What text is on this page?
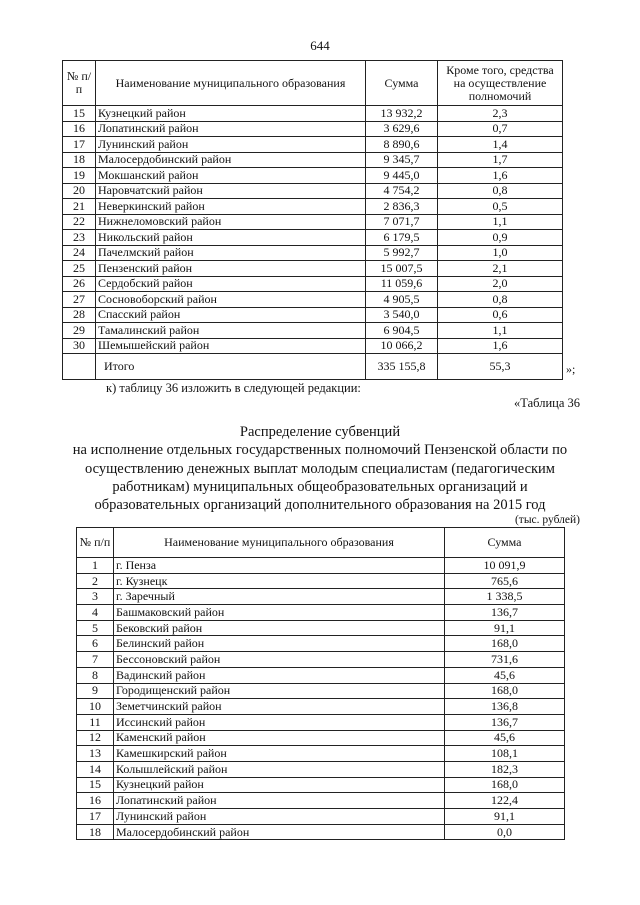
644
№ п/п	Наименование муниципального образования	Сумма	Кроме того, средства на осуществление полномочий
15	Кузнецкий район	13 932,2	2,3
16	Лопатинский район	3 629,6	0,7
17	Лунинский район	8 890,6	1,4
18	Малосердобинский район	9 345,7	1,7
19	Мокшанский район	9 445,0	1,6
20	Наровчатский район	4 754,2	0,8
21	Неверкинский район	2 836,3	0,5
22	Нижнеломовский район	7 071,7	1,1
23	Никольский район	6 179,5	0,9
24	Пачелмский район	5 992,7	1,0
25	Пензенский район	15 007,5	2,1
26	Сердобский район	11 059,6	2,0
27	Сосновоборский район	4 905,5	0,8
28	Спасский район	3 540,0	0,6
29	Тамалинский район	6 904,5	1,1
30	Шемышейский район	10 066,2	1,6
	Итого	335 155,8	55,3	»;
к) таблицу 36 изложить в следующей редакции:
«Таблица 36
Распределение субвенций
на исполнение отдельных государственных полномочий Пензенской области по
осуществлению денежных выплат молодым специалистам (педагогическим
работникам) муниципальных общеобразовательных организаций и
образовательных организаций дополнительного образования на 2015 год
(тыс. рублей)
№ п/п	Наименование муниципального образования	Сумма
1	г. Пенза	10 091,9
2	г. Кузнецк	765,6
3	г. Заречный	1 338,5
4	Башмаковский район	136,7
5	Бековский район	91,1
6	Белинский район	168,0
7	Бессоновский район	731,6
8	Вадинский район	45,6
9	Городищенский район	168,0
10	Земетчинский район	136,8
11	Иссинский район	136,7
12	Каменский район	45,6
13	Камешкирский район	108,1
14	Колышлейский район	182,3
15	Кузнецкий район	168,0
16	Лопатинский район	122,4
17	Лунинский район	91,1
18	Малосердобинский район	0,0
